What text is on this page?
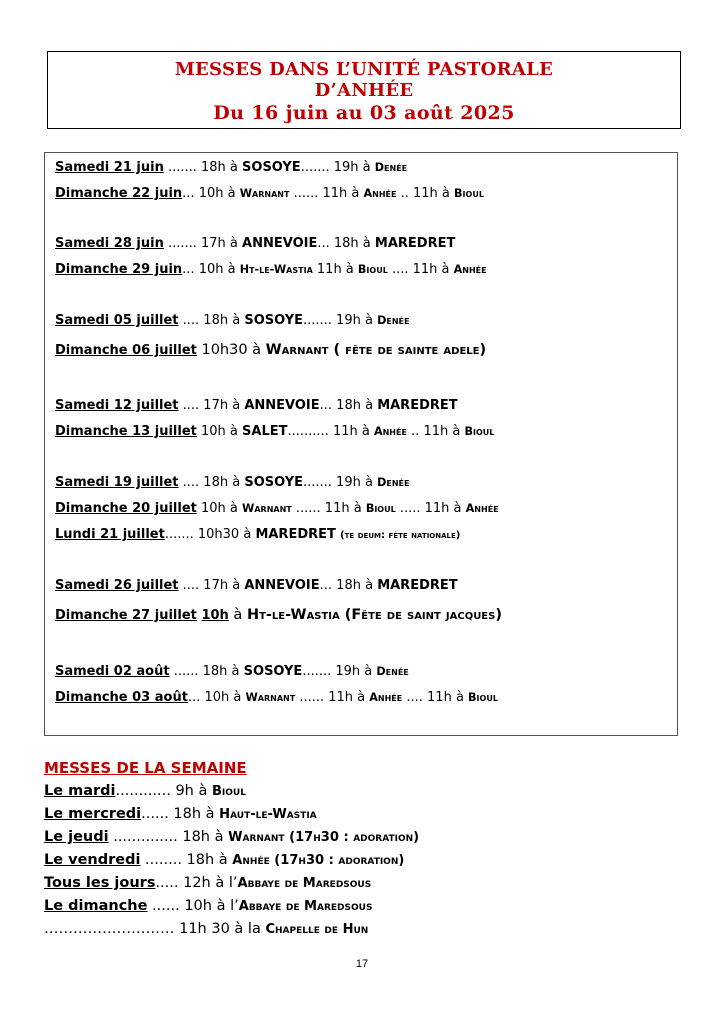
MESSES DANS L’UNITÉ PASTORALE
D’ANHÉE
Du 16 juin au 03 août 2025
Samedi 21 juin ....... 18h à SOSOYE....... 19h à Denée
Dimanche 22 juin... 10h à Warnant ...... 11h à Anhée .. 11h à Bioul
Samedi 28 juin ....... 17h à ANNEVOIE... 18h à MAREDRET
Dimanche 29 juin... 10h à Ht-le-Wastia 11h à Bioul .... 11h à Anhée
Samedi 05 juillet .... 18h à SOSOYE....... 19h à Denée
Dimanche 06 juillet 10h30 à Warnant ( fête de sainte adele)
Samedi 12 juillet .... 17h à ANNEVOIE... 18h à MAREDRET
Dimanche 13 juillet 10h à SALET.......... 11h à Anhée .. 11h à Bioul
Samedi 19 juillet .... 18h à SOSOYE....... 19h à Denée
Dimanche 20 juillet 10h à Warnant ...... 11h à Bioul ..... 11h à Anhée
Lundi 21 juillet....... 10h30 à MAREDRET (te deum: fête nationale)
Samedi 26 juillet .... 17h à ANNEVOIE... 18h à MAREDRET
Dimanche 27 juillet 10h à Ht-le-Wastia (Fête de saint jacques)
Samedi 02 août ...... 18h à SOSOYE....... 19h à Denée
Dimanche 03 août... 10h à Warnant ...... 11h à Anhée .... 11h à Bioul
MESSES DE LA SEMAINE
Le mardi............ 9h à Bioul
Le mercredi...... 18h à Haut-le-Wastia
Le jeudi .............. 18h à Warnant (17h30 : adoration)
Le vendredi ........ 18h à Anhée (17h30 : adoration)
Tous les jours..... 12h à l’Abbaye de Maredsous
Le dimanche ...... 10h à l’Abbaye de Maredsous
……………………… 11h 30 à la Chapelle de Hun
17
